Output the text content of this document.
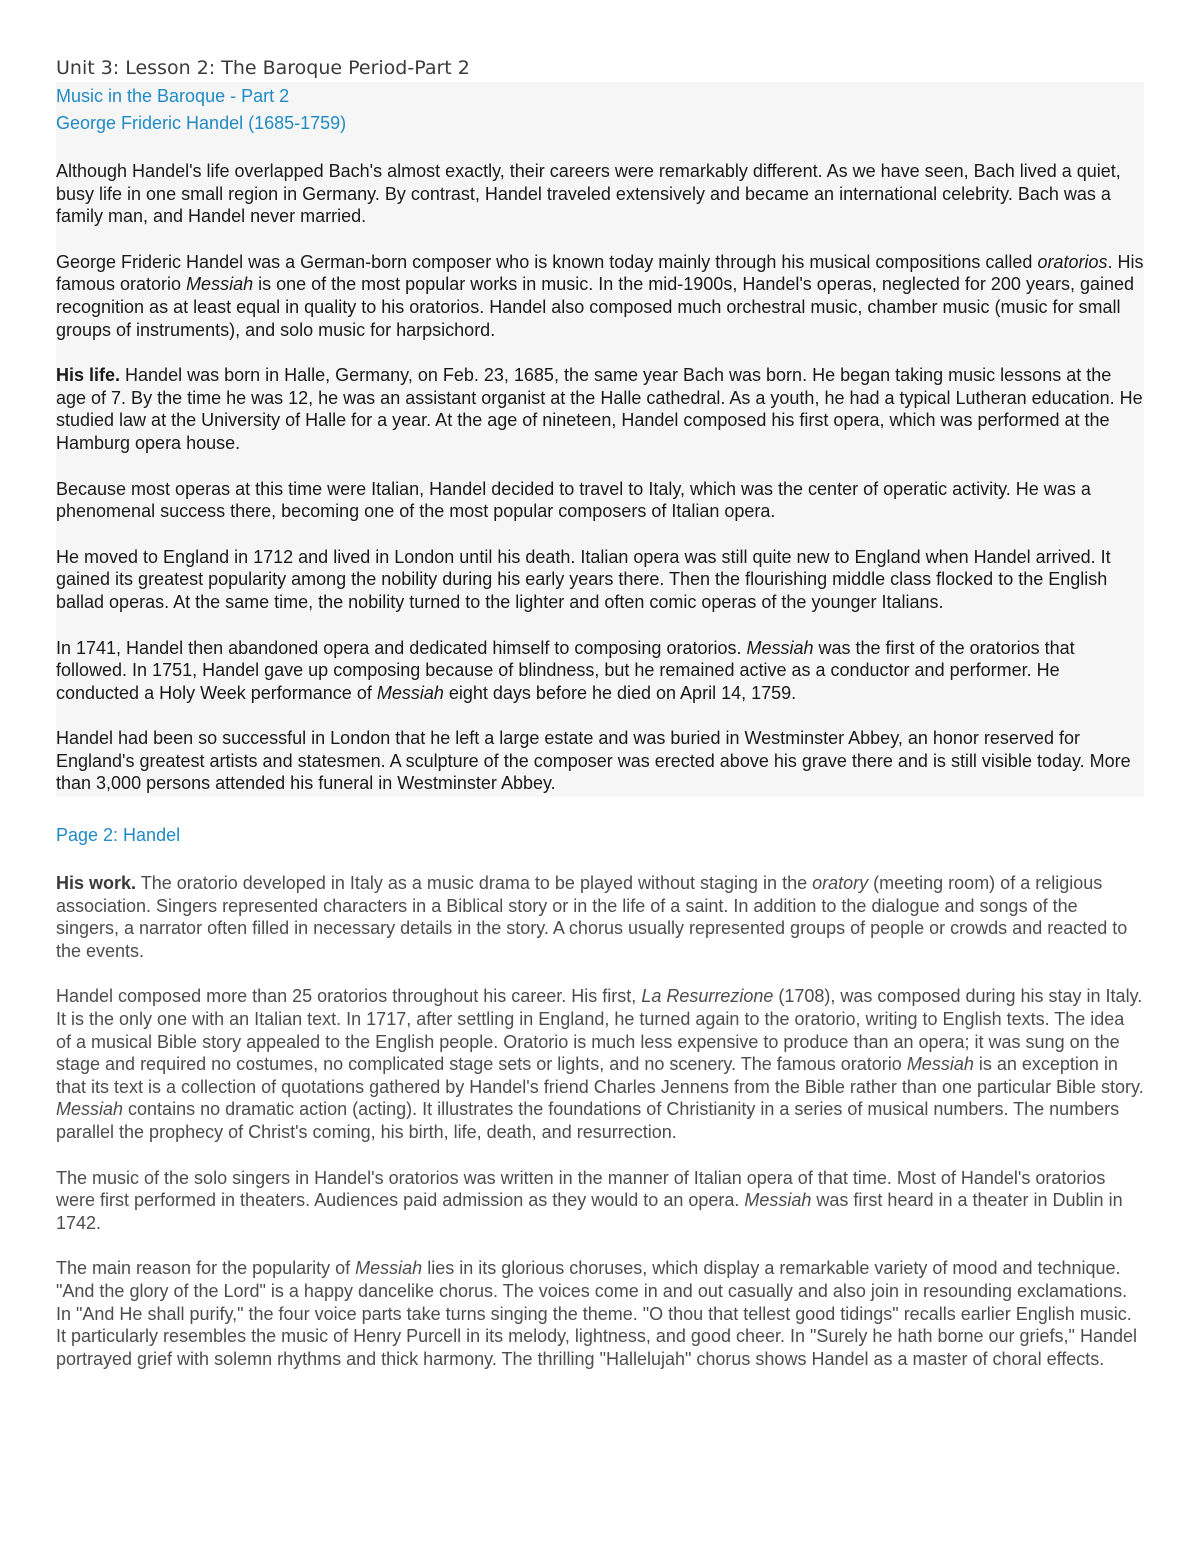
Unit 3: Lesson 2: The Baroque Period-Part 2
Music in the Baroque - Part 2
George Frideric Handel (1685-1759)

Although Handel's life overlapped Bach's almost exactly, their careers were remarkably different. As we have seen, Bach lived a quiet, busy life in one small region in Germany. By contrast, Handel traveled extensively and became an international celebrity. Bach was a family man, and Handel never married.

George Frideric Handel was a German-born composer who is known today mainly through his musical compositions called oratorios. His famous oratorio Messiah is one of the most popular works in music. In the mid-1900s, Handel's operas, neglected for 200 years, gained recognition as at least equal in quality to his oratorios. Handel also composed much orchestral music, chamber music (music for small groups of instruments), and solo music for harpsichord.

His life. Handel was born in Halle, Germany, on Feb. 23, 1685, the same year Bach was born. He began taking music lessons at the age of 7. By the time he was 12, he was an assistant organist at the Halle cathedral. As a youth, he had a typical Lutheran education. He studied law at the University of Halle for a year. At the age of nineteen, Handel composed his first opera, which was performed at the Hamburg opera house.

Because most operas at this time were Italian, Handel decided to travel to Italy, which was the center of operatic activity. He was a phenomenal success there, becoming one of the most popular composers of Italian opera.

He moved to England in 1712 and lived in London until his death. Italian opera was still quite new to England when Handel arrived. It gained its greatest popularity among the nobility during his early years there. Then the flourishing middle class flocked to the English ballad operas. At the same time, the nobility turned to the lighter and often comic operas of the younger Italians.

In 1741, Handel then abandoned opera and dedicated himself to composing oratorios. Messiah was the first of the oratorios that followed. In 1751, Handel gave up composing because of blindness, but he remained active as a conductor and performer. He conducted a Holy Week performance of Messiah eight days before he died on April 14, 1759.

Handel had been so successful in London that he left a large estate and was buried in Westminster Abbey, an honor reserved for England's greatest artists and statesmen. A sculpture of the composer was erected above his grave there and is still visible today. More than 3,000 persons attended his funeral in Westminster Abbey.

Page 2: Handel

His work. The oratorio developed in Italy as a music drama to be played without staging in the oratory (meeting room) of a religious association. Singers represented characters in a Biblical story or in the life of a saint. In addition to the dialogue and songs of the singers, a narrator often filled in necessary details in the story. A chorus usually represented groups of people or crowds and reacted to the events.

Handel composed more than 25 oratorios throughout his career. His first, La Resurrezione (1708), was composed during his stay in Italy. It is the only one with an Italian text. In 1717, after settling in England, he turned again to the oratorio, writing to English texts. The idea of a musical Bible story appealed to the English people. Oratorio is much less expensive to produce than an opera; it was sung on the stage and required no costumes, no complicated stage sets or lights, and no scenery. The famous oratorio Messiah is an exception in that its text is a collection of quotations gathered by Handel's friend Charles Jennens from the Bible rather than one particular Bible story. Messiah contains no dramatic action (acting). It illustrates the foundations of Christianity in a series of musical numbers. The numbers parallel the prophecy of Christ's coming, his birth, life, death, and resurrection.

The music of the solo singers in Handel's oratorios was written in the manner of Italian opera of that time. Most of Handel's oratorios were first performed in theaters. Audiences paid admission as they would to an opera. Messiah was first heard in a theater in Dublin in 1742.

The main reason for the popularity of Messiah lies in its glorious choruses, which display a remarkable variety of mood and technique. "And the glory of the Lord" is a happy dancelike chorus. The voices come in and out casually and also join in resounding exclamations. In "And He shall purify," the four voice parts take turns singing the theme. "O thou that tellest good tidings" recalls earlier English music. It particularly resembles the music of Henry Purcell in its melody, lightness, and good cheer. In "Surely he hath borne our griefs," Handel portrayed grief with solemn rhythms and thick harmony. The thrilling "Hallelujah" chorus shows Handel as a master of choral effects.
